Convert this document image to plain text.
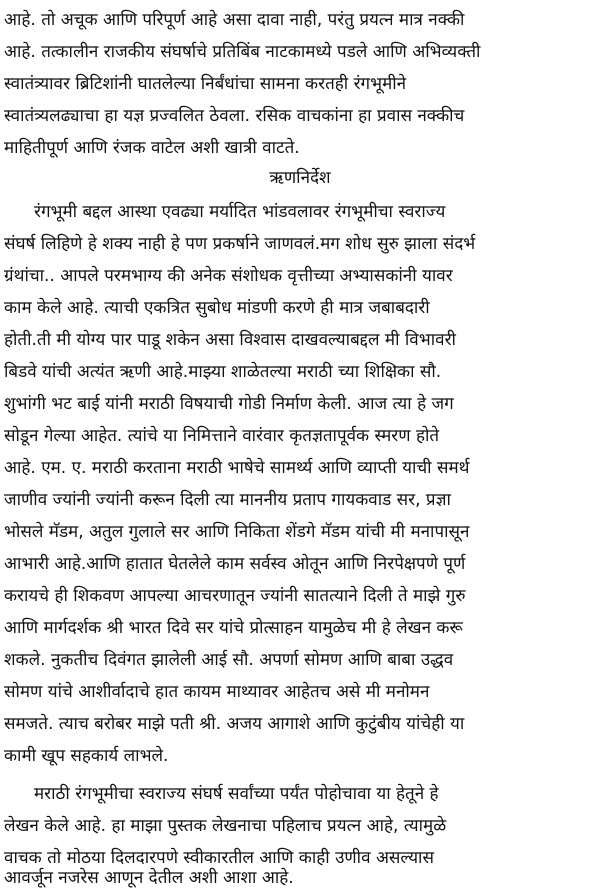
आहे. तो अचूक आणि परिपूर्ण आहे असा दावा नाही, परंतु प्रयत्न मात्र नक्की
आहे. तत्कालीन राजकीय संघर्षाचे प्रतिबिंब नाटकामध्ये पडले आणि अभिव्यक्ती
स्वातंत्र्यावर ब्रिटिशांनी घातलेल्या निर्बंधांचा सामना करतही रंगभूमीने
स्वातंत्र्यलढ्याचा हा यज्ञ प्रज्वलित ठेवला. रसिक वाचकांना हा प्रवास नक्कीच
माहितीपूर्ण आणि रंजक वाटेल अशी खात्री वाटते.
ऋणनिर्देश
रंगभूमी बद्दल आस्था एवढ्या मर्यादित भांडवलावर रंगभूमीचा स्वराज्य
संघर्ष लिहिणे हे शक्य नाही हे पण प्रकर्षाने जाणवलं.मग शोध सुरु झाला संदर्भ
ग्रंथांचा.. आपले परमभाग्य की अनेक संशोधक वृत्तीच्या अभ्यासकांनी यावर
काम केले आहे. त्याची एकत्रित सुबोध मांडणी करणे ही मात्र जबाबदारी
होती.ती मी योग्य पार पाडू शकेन असा विश्वास दाखवल्याबद्दल मी विभावरी
बिडवे यांची अत्यंत ऋणी आहे.माझ्या शाळेतल्या मराठी च्या शिक्षिका सौ.
शुभांगी भट बाई यांनी मराठी विषयाची गोडी निर्माण केली. आज त्या हे जग
सोडून गेल्या आहेत. त्यांचे या निमित्ताने वारंवार कृतज्ञतापूर्वक स्मरण होते
आहे. एम. ए. मराठी करताना मराठी भाषेचे सामर्थ्य आणि व्याप्ती याची समर्थ
जाणीव ज्यांनी ज्यांनी करून दिली त्या माननीय प्रताप गायकवाड सर, प्रज्ञा
भोसले मॅडम, अतुल गुलाले सर आणि निकिता शेंडगे मॅडम यांची मी मनापासून
आभारी आहे.आणि हातात घेतलेले काम सर्वस्व ओतून आणि निरपेक्षपणे पूर्ण
करायचे ही शिकवण आपल्या आचरणातून ज्यांनी सातत्याने दिली ते माझे गुरु
आणि मार्गदर्शक श्री भारत दिवे सर यांचे प्रोत्साहन यामुळेच मी हे लेखन करू
शकले. नुकतीच दिवंगत झालेली आई सौ. अपर्णा सोमण आणि बाबा उद्धव
सोमण यांचे आशीर्वादाचे हात कायम माथ्यावर आहेतच असे मी मनोमन
समजते. त्याच बरोबर माझे पती श्री. अजय आगाशे आणि कुटुंबीय यांचेही या
कामी खूप सहकार्य लाभले.
मराठी रंगभूमीचा स्वराज्य संघर्ष सर्वांच्या पर्यंत पोहोचावा या हेतूने हे
लेखन केले आहे. हा माझा पुस्तक लेखनाचा पहिलाच प्रयत्न आहे, त्यामुळे
वाचक तो मोठया दिलदारपणे स्वीकारतील आणि काही उणीव असल्यास
आवर्जून नजरेस आणून देतील अशी आशा आहे.
